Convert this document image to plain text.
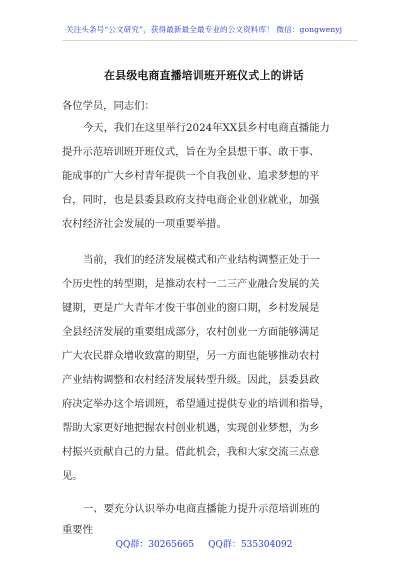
关注头条号“公文研究”，获得最新最全最专业的公文资料库！ 微信：gongwenyj
在县级电商直播培训班开班仪式上的讲话
各位学员，同志们：
今天，我们在这里举行2024年XX县乡村电商直播能力
提升示范培训班开班仪式，旨在为全县想干事、敢干事、
能成事的广大乡村青年提供一个自我创业、追求梦想的平
台，同时，也是县委县政府支持电商企业创业就业，加强
农村经济社会发展的一项重要举措。
当前，我们的经济发展模式和产业结构调整正处于一
个历史性的转型期，是推动农村一二三产业融合发展的关
键期，更是广大青年才俊干事创业的窗口期，乡村发展是
全县经济发展的重要组成部分，农村创业一方面能够满足
广大农民群众增收致富的期望，另一方面也能够推动农村
产业结构调整和农村经济发展转型升级。因此，县委县政
府决定举办这个培训班，希望通过提供专业的培训和指导，
帮助大家更好地把握农村创业机遇，实现创业梦想，为乡
村振兴贡献自己的力量。借此机会，我和大家交流三点意
见。
一、要充分认识举办电商直播能力提升示范培训班的
重要性
QQ群：30265665 QQ群：535304092
